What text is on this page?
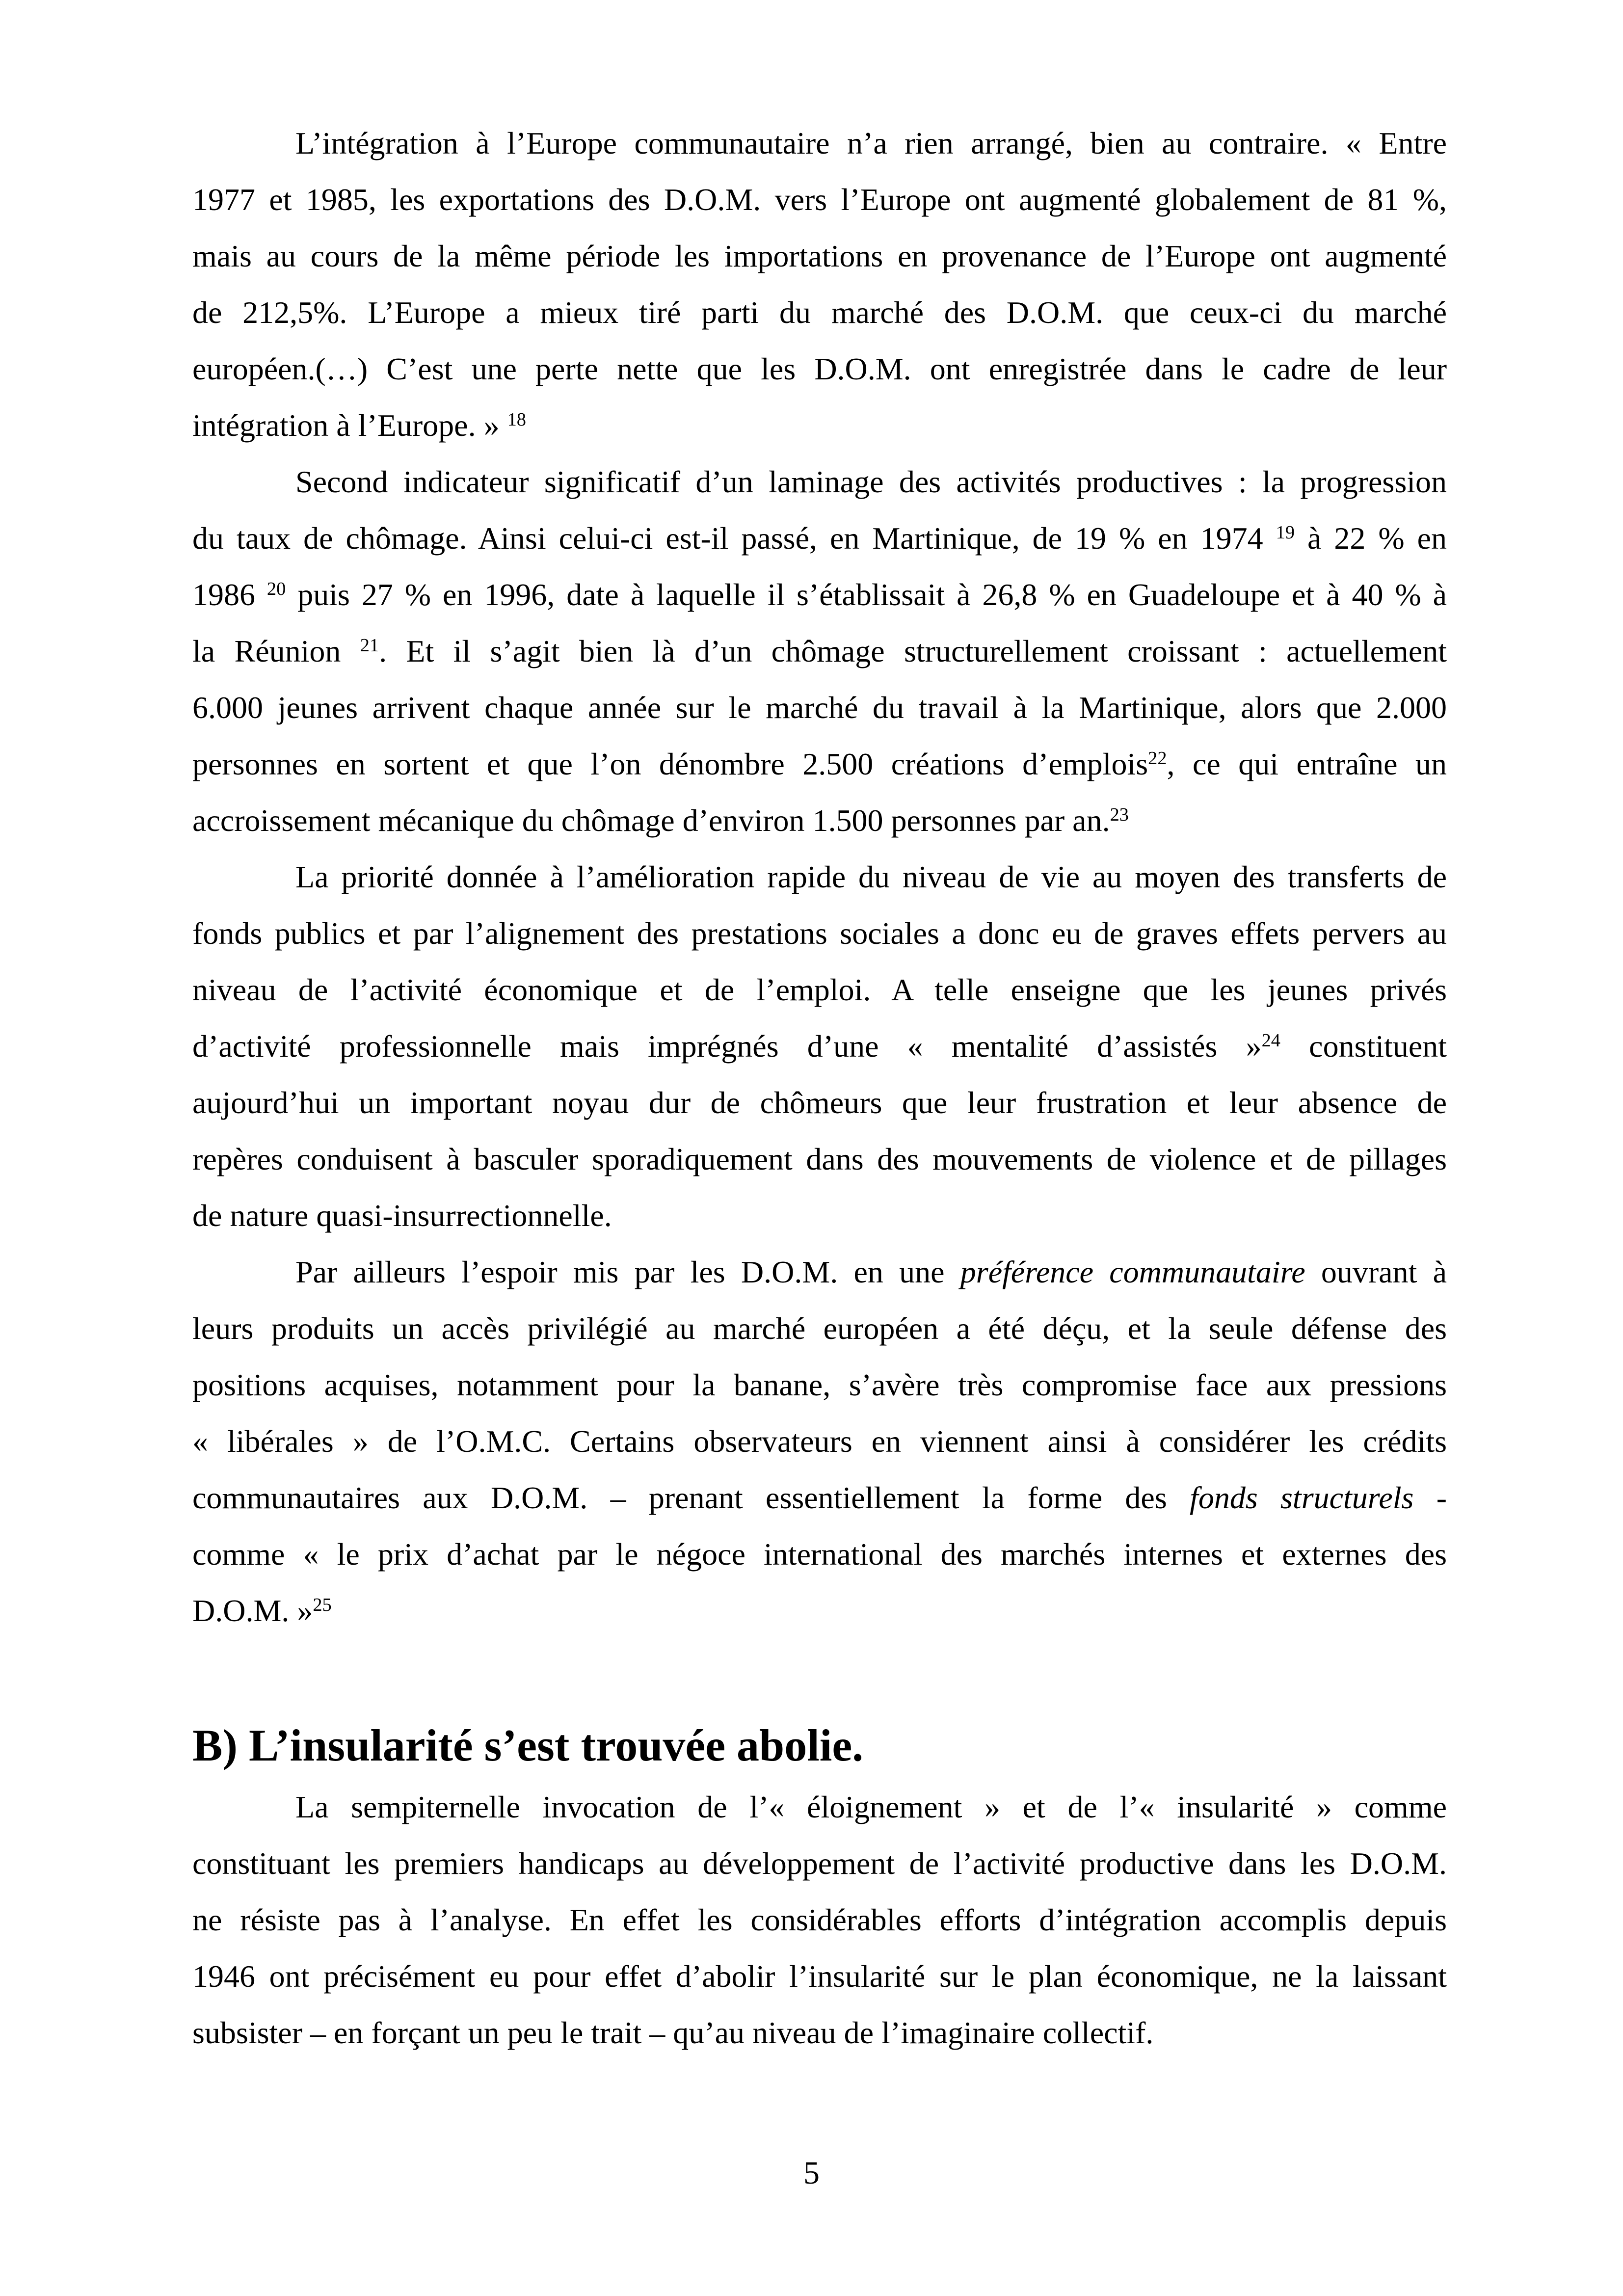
L’intégration à l’Europe communautaire n’a rien arrangé, bien au contraire. « Entre
1977 et 1985, les exportations des D.O.M. vers l’Europe ont augmenté globalement de 81 %,
mais au cours de la même période les importations en provenance de l’Europe ont augmenté
de 212,5%. L’Europe a mieux tiré parti du marché des D.O.M. que ceux-ci du marché
européen.(…) C’est une perte nette que les D.O.M. ont enregistrée dans le cadre de leur
intégration à l’Europe. » $^{18}$
Second indicateur significatif d’un laminage des activités productives : la progression
du taux de chômage. Ainsi celui-ci est-il passé, en Martinique, de 19 % en 1974 $^{19}$ à 22 % en
1986 $^{20}$ puis 27 % en 1996, date à laquelle il s’établissait à 26,8 % en Guadeloupe et à 40 % à
la Réunion $^{21}$. Et il s’agit bien là d’un chômage structurellement croissant : actuellement
6.000 jeunes arrivent chaque année sur le marché du travail à la Martinique, alors que 2.000
personnes en sortent et que l’on dénombre 2.500 créations d’emplois$^{22}$, ce qui entraîne un
accroissement mécanique du chômage d’environ 1.500 personnes par an.$^{23}$
La priorité donnée à l’amélioration rapide du niveau de vie au moyen des transferts de
fonds publics et par l’alignement des prestations sociales a donc eu de graves effets pervers au
niveau de l’activité économique et de l’emploi. A telle enseigne que les jeunes privés
d’activité professionnelle mais imprégnés d’une « mentalité d’assistés »$^{24}$ constituent
aujourd’hui un important noyau dur de chômeurs que leur frustration et leur absence de
repères conduisent à basculer sporadiquement dans des mouvements de violence et de pillages
de nature quasi-insurrectionnelle.
Par ailleurs l’espoir mis par les D.O.M. en une préférence communautaire ouvrant à
leurs produits un accès privilégié au marché européen a été déçu, et la seule défense des
positions acquises, notamment pour la banane, s’avère très compromise face aux pressions
« libérales » de l’O.M.C. Certains observateurs en viennent ainsi à considérer les crédits
communautaires aux D.O.M. – prenant essentiellement la forme des fonds structurels -
comme « le prix d’achat par le négoce international des marchés internes et externes des
D.O.M. »$^{25}$
B) L’insularité s’est trouvée abolie.
La sempiternelle invocation de l’« éloignement » et de l’« insularité » comme
constituant les premiers handicaps au développement de l’activité productive dans les D.O.M.
ne résiste pas à l’analyse. En effet les considérables efforts d’intégration accomplis depuis
1946 ont précisément eu pour effet d’abolir l’insularité sur le plan économique, ne la laissant
subsister – en forçant un peu le trait – qu’au niveau de l’imaginaire collectif.
5
